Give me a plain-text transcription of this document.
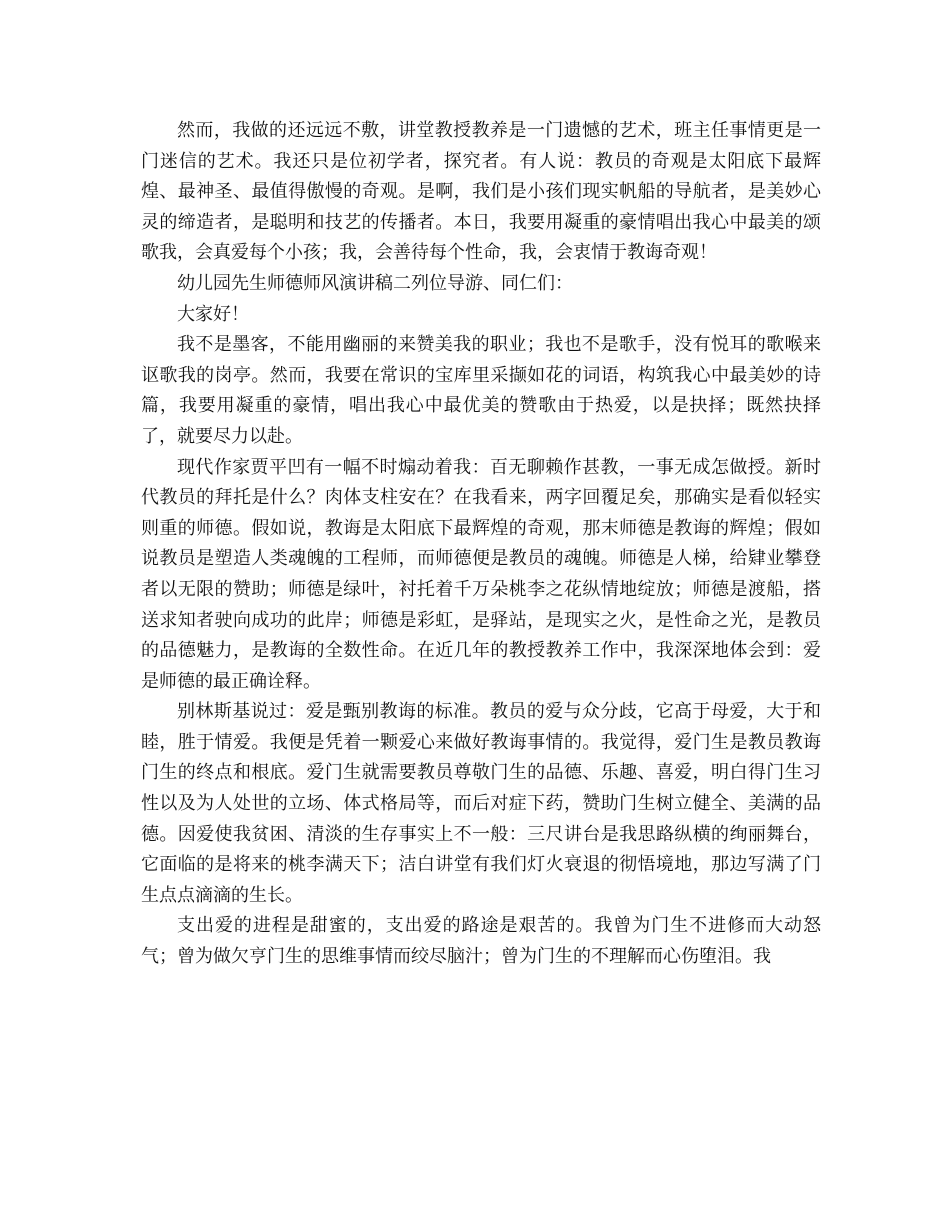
然而，我做的还远远不敷，讲堂教授教养是一门遗憾的艺术，班主任事情更是一门迷信的艺术。我还只是位初学者，探究者。有人说：教员的奇观是太阳底下最辉煌、最神圣、最值得傲慢的奇观。是啊，我们是小孩们现实帆船的导航者，是美妙心灵的缔造者，是聪明和技艺的传播者。本日，我要用凝重的豪情唱出我心中最美的颂歌我，会真爱每个小孩；我，会善待每个性命，我，会衷情于教诲奇观！

幼儿园先生师德师风演讲稿二列位导游、同仁们：

大家好！

我不是墨客，不能用幽丽的来赞美我的职业；我也不是歌手，没有悦耳的歌喉来讴歌我的岗亭。然而，我要在常识的宝库里采撷如花的词语，构筑我心中最美妙的诗篇，我要用凝重的豪情，唱出我心中最优美的赞歌由于热爱，以是抉择；既然抉择了，就要尽力以赴。

现代作家贾平凹有一幅不时煽动着我：百无聊赖作甚教，一事无成怎做授。新时代教员的拜托是什么？肉体支柱安在？在我看来，两字回覆足矣，那确实是看似轻实则重的师德。假如说，教诲是太阳底下最辉煌的奇观，那末师德是教诲的辉煌；假如说教员是塑造人类魂魄的工程师，而师德便是教员的魂魄。师德是人梯，给肄业攀登者以无限的赞助；师德是绿叶，衬托着千万朵桃李之花纵情地绽放；师德是渡船，搭送求知者驶向成功的此岸；师德是彩虹，是驿站，是现实之火，是性命之光，是教员的品德魅力，是教诲的全数性命。在近几年的教授教养工作中，我深深地体会到：爱是师德的最正确诠释。

别林斯基说过：爱是甄别教诲的标准。教员的爱与众分歧，它高于母爱，大于和睦，胜于情爱。我便是凭着一颗爱心来做好教诲事情的。我觉得，爱门生是教员教诲门生的终点和根底。爱门生就需要教员尊敬门生的品德、乐趣、喜爱，明白得门生习性以及为人处世的立场、体式格局等，而后对症下药，赞助门生树立健全、美满的品德。因爱使我贫困、清淡的生存事实上不一般：三尺讲台是我思路纵横的绚丽舞台，它面临的是将来的桃李满天下；洁白讲堂有我们灯火衰退的彻悟境地，那边写满了门生点点滴滴的生长。

支出爱的进程是甜蜜的，支出爱的路途是艰苦的。我曾为门生不进修而大动怒气；曾为做欠亨门生的思维事情而绞尽脑汁；曾为门生的不理解而心伤堕泪。我
